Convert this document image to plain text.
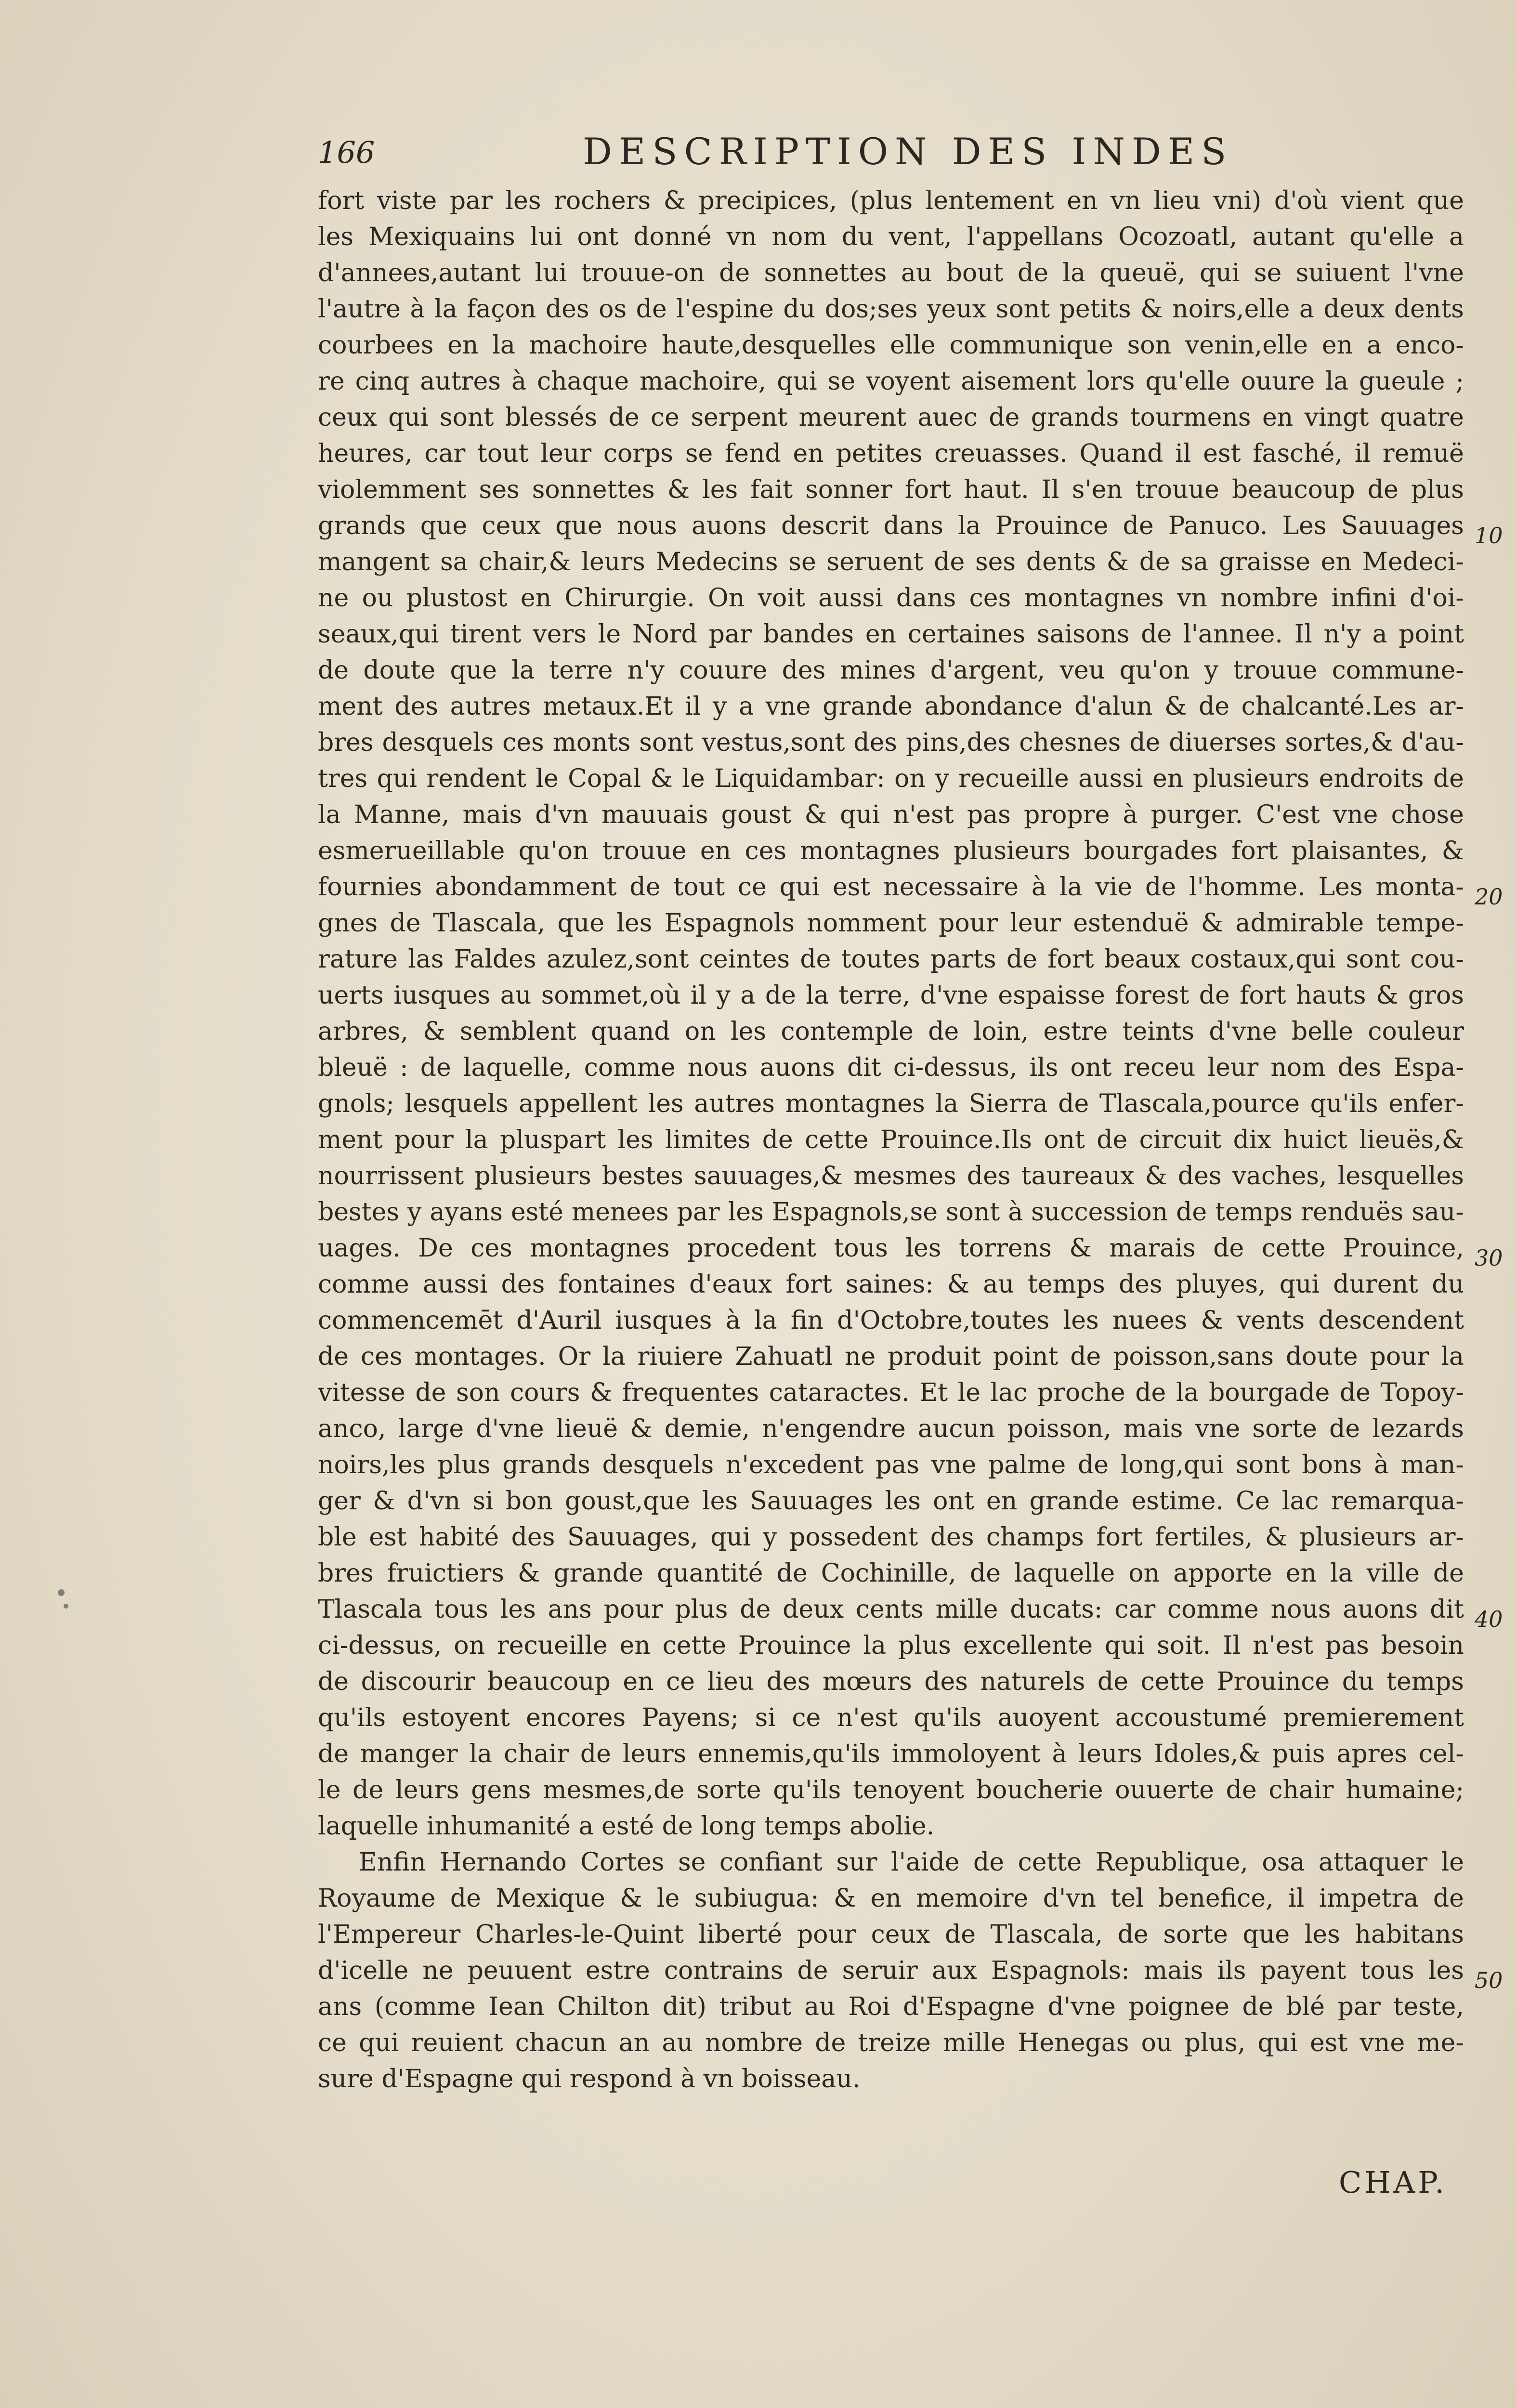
166	DESCRIPTION DES INDES
fort viste par les rochers & precipices, (plus lentement en vn lieu vni) d'où vient que
les Mexiquains lui ont donné vn nom du vent, l'appellans Ocozoatl, autant qu'elle a
d'annees,autant lui trouue-on de sonnettes au bout de la queuë, qui se suiuent l'vne
l'autre à la façon des os de l'espine du dos;ses yeux sont petits & noirs,elle a deux dents
courbees en la machoire haute,desquelles elle communique son venin,elle en a enco-
re cinq autres à chaque machoire, qui se voyent aisement lors qu'elle ouure la gueule ;
ceux qui sont blessés de ce serpent meurent auec de grands tourmens en vingt quatre
heures, car tout leur corps se fend en petites creuasses. Quand il est fasché, il remuë
violemment ses sonnettes & les fait sonner fort haut. Il s'en trouue beaucoup de plus
grands que ceux que nous auons descrit dans la Prouince de Panuco. Les Sauuages
mangent sa chair,& leurs Medecins se seruent de ses dents & de sa graisse en Medeci-
ne ou plustost en Chirurgie. On voit aussi dans ces montagnes vn nombre infini d'oi-
seaux,qui tirent vers le Nord par bandes en certaines saisons de l'annee. Il n'y a point
de doute que la terre n'y couure des mines d'argent, veu qu'on y trouue commune-
ment des autres metaux.Et il y a vne grande abondance d'alun & de chalcanté.Les ar-
bres desquels ces monts sont vestus,sont des pins,des chesnes de diuerses sortes,& d'au-
tres qui rendent le Copal & le Liquidambar: on y recueille aussi en plusieurs endroits de
la Manne, mais d'vn mauuais goust & qui n'est pas propre à purger. C'est vne chose
esmerueillable qu'on trouue en ces montagnes plusieurs bourgades fort plaisantes, &
fournies abondamment de tout ce qui est necessaire à la vie de l'homme. Les monta-
gnes de Tlascala, que les Espagnols nomment pour leur estenduë & admirable tempe-
rature las Faldes azulez,sont ceintes de toutes parts de fort beaux costaux,qui sont cou-
uerts iusques au sommet,où il y a de la terre, d'vne espaisse forest de fort hauts & gros
arbres, & semblent quand on les contemple de loin, estre teints d'vne belle couleur
bleuë : de laquelle, comme nous auons dit ci-dessus, ils ont receu leur nom des Espa-
gnols; lesquels appellent les autres montagnes la Sierra de Tlascala,pource qu'ils enfer-
ment pour la pluspart les limites de cette Prouince.Ils ont de circuit dix huict lieuës,&
nourrissent plusieurs bestes sauuages,& mesmes des taureaux & des vaches, lesquelles
bestes y ayans esté menees par les Espagnols,se sont à succession de temps renduës sau-
uages. De ces montagnes procedent tous les torrens & marais de cette Prouince,
comme aussi des fontaines d'eaux fort saines: & au temps des pluyes, qui durent du
commencemēt d'Auril iusques à la fin d'Octobre,toutes les nuees & vents descendent
de ces montages. Or la riuiere Zahuatl ne produit point de poisson,sans doute pour la
vitesse de son cours & frequentes cataractes. Et le lac proche de la bourgade de Topoy-
anco, large d'vne lieuë & demie, n'engendre aucun poisson, mais vne sorte de lezards
noirs,les plus grands desquels n'excedent pas vne palme de long,qui sont bons à man-
ger & d'vn si bon goust,que les Sauuages les ont en grande estime. Ce lac remarqua-
ble est habité des Sauuages, qui y possedent des champs fort fertiles, & plusieurs ar-
bres fruictiers & grande quantité de Cochinille, de laquelle on apporte en la ville de
Tlascala tous les ans pour plus de deux cents mille ducats: car comme nous auons dit
ci-dessus, on recueille en cette Prouince la plus excellente qui soit. Il n'est pas besoin
de discourir beaucoup en ce lieu des mœurs des naturels de cette Prouince du temps
qu'ils estoyent encores Payens; si ce n'est qu'ils auoyent accoustumé premierement
de manger la chair de leurs ennemis,qu'ils immoloyent à leurs Idoles,& puis apres cel-
le de leurs gens mesmes,de sorte qu'ils tenoyent boucherie ouuerte de chair humaine;
laquelle inhumanité a esté de long temps abolie.
Enfin Hernando Cortes se confiant sur l'aide de cette Republique, osa attaquer le
Royaume de Mexique & le subiugua: & en memoire d'vn tel benefice, il impetra de
l'Empereur Charles-le-Quint liberté pour ceux de Tlascala, de sorte que les habitans
d'icelle ne peuuent estre contrains de seruir aux Espagnols: mais ils payent tous les
ans (comme Iean Chilton dit) tribut au Roi d'Espagne d'vne poignee de blé par teste,
ce qui reuient chacun an au nombre de treize mille Henegas ou plus, qui est vne me-
sure d'Espagne qui respond à vn boisseau.
10
20
30
40
50
CHAP.
